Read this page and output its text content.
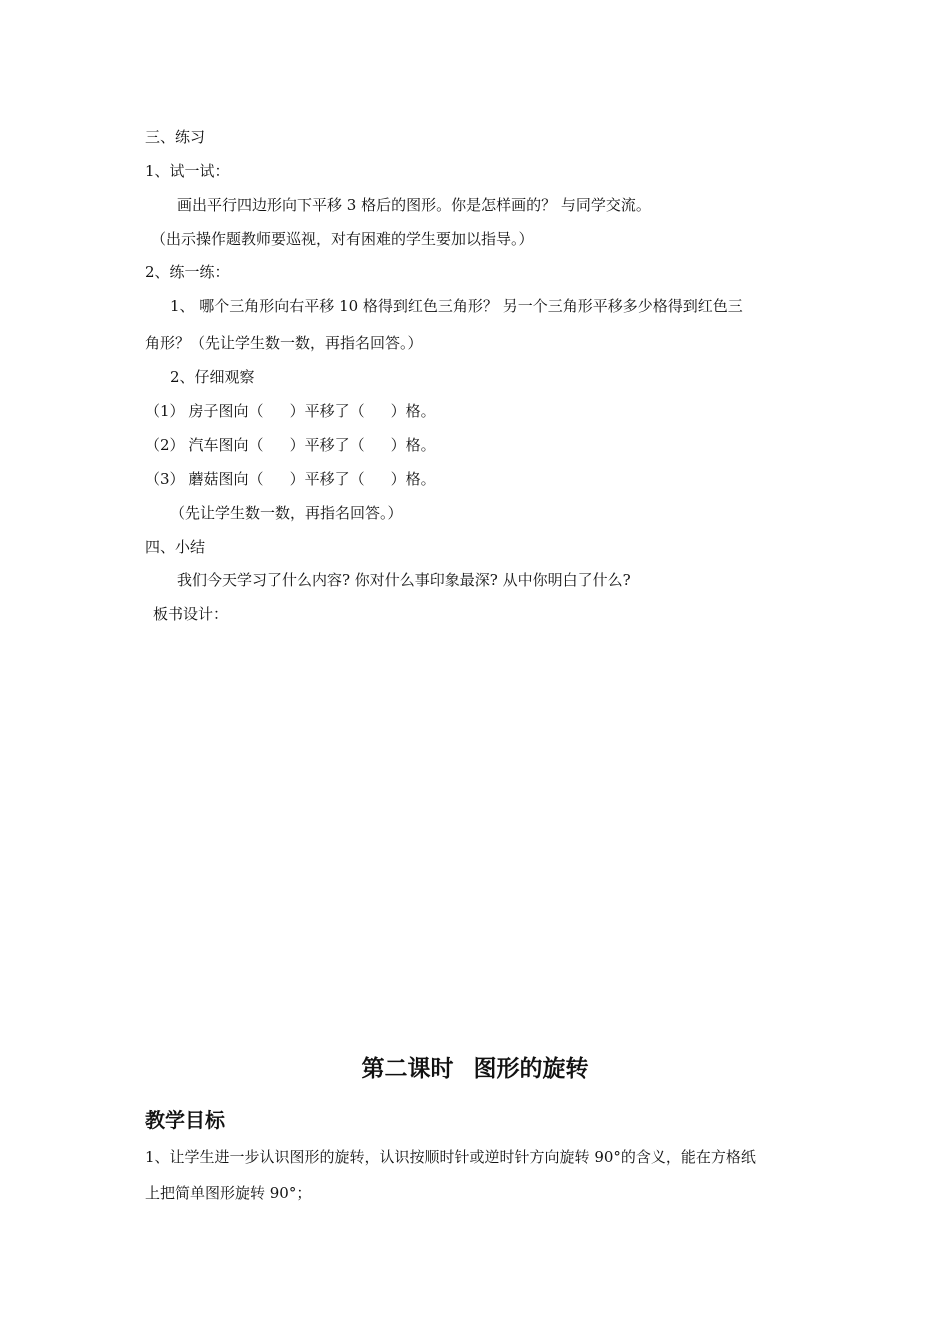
三、练习
1、试一试：
画出平行四边形向下平移 3 格后的图形。你是怎样画的？ 与同学交流。
（出示操作题教师要巡视，对有困难的学生要加以指导。）
2、练一练：
1、 哪个三角形向右平移 10 格得到红色三角形？ 另一个三角形平移多少格得到红色三
角形？（先让学生数一数，再指名回答。）
2、仔细观察
（1） 房子图向（ ）平移了（ ）格。
（2） 汽车图向（ ）平移了（ ）格。
（3） 蘑菇图向（ ）平移了（ ）格。
（先让学生数一数，再指名回答。）
四、小结
我们今天学习了什么内容? 你对什么事印象最深? 从中你明白了什么?
板书设计：
第二课时 图形的旋转
教学目标
1、让学生进一步认识图形的旋转，认识按顺时针或逆时针方向旋转 90°的含义，能在方格纸
上把简单图形旋转 90°；
